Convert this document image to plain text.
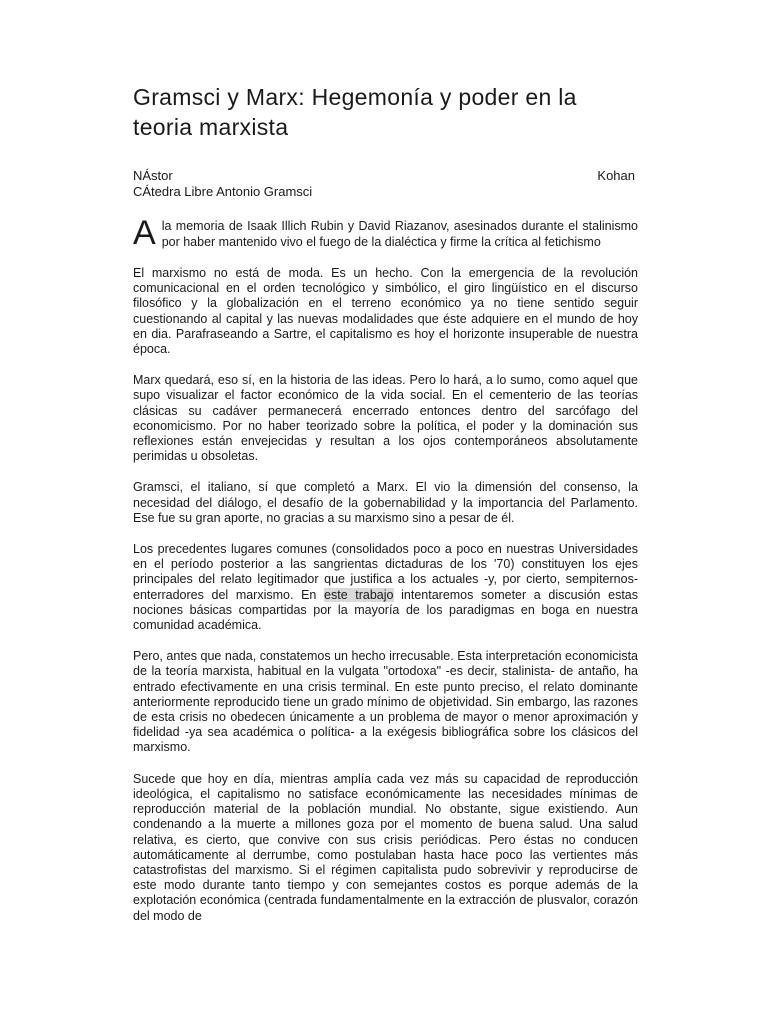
Gramsci y Marx: Hegemonía y poder en la teoria marxista
NÁstor	Kohan
CÁtedra Libre Antonio Gramsci

A la memoria de Isaak Illich Rubin y David Riazanov, asesinados durante el stalinismo por haber mantenido vivo el fuego de la dialéctica y firme la crítica al fetichismo

El marxismo no está de moda. Es un hecho. Con la emergencia de la revolución comunicacional en el orden tecnológico y simbólico, el giro lingüístico en el discurso filosófico y la globalización en el terreno económico ya no tiene sentido seguir cuestionando al capital y las nuevas modalidades que éste adquiere en el mundo de hoy en dia. Parafraseando a Sartre, el capitalismo es hoy el horizonte insuperable de nuestra época.

Marx quedará, eso sí, en la historia de las ideas. Pero lo hará, a lo sumo, como aquel que supo visualizar el factor económico de la vida social. En el cementerio de las teorías clásicas su cadáver permanecerá encerrado entonces dentro del sarcófago del economicismo. Por no haber teorizado sobre la política, el poder y la dominación sus reflexiones están envejecidas y resultan a los ojos contemporáneos absolutamente perimidas u obsoletas.

Gramsci, el italiano, sí que completó a Marx. El vio la dimensión del consenso, la necesidad del diálogo, el desafío de la gobernabilidad y la importancia del Parlamento. Ese fue su gran aporte, no gracias a su marxismo sino a pesar de él.

Los precedentes lugares comunes (consolidados poco a poco en nuestras Universidades en el período posterior a las sangrientas dictaduras de los '70) constituyen los ejes principales del relato legitimador que justifica a los actuales -y, por cierto, sempiternos- enterradores del marxismo. En este trabajo intentaremos someter a discusión estas nociones básicas compartidas por la mayoría de los paradigmas en boga en nuestra comunidad académica.

Pero, antes que nada, constatemos un hecho irrecusable. Esta interpretación economicista de la teoría marxista, habitual en la vulgata "ortodoxa" -es decir, stalinista- de antaño, ha entrado efectivamente en una crisis terminal. En este punto preciso, el relato dominante anteriormente reproducido tiene un grado mínimo de objetividad. Sin embargo, las razones de esta crisis no obedecen únicamente a un problema de mayor o menor aproximación y fidelidad -ya sea académica o política- a la exégesis bibliográfica sobre los clásicos del marxismo.

Sucede que hoy en día, mientras amplía cada vez más su capacidad de reproducción ideológica, el capitalismo no satisface económicamente las necesidades mínimas de reproducción material de la población mundial. No obstante, sigue existiendo. Aun condenando a la muerte a millones goza por el momento de buena salud. Una salud relativa, es cierto, que convive con sus crisis periódicas. Pero éstas no conducen automáticamente al derrumbe, como postulaban hasta hace poco las vertientes más catastrofistas del marxismo. Si el régimen capitalista pudo sobrevivir y reproducirse de este modo durante tanto tiempo y con semejantes costos es porque además de la explotación económica (centrada fundamentalmente en la extracción de plusvalor, corazón del modo de
